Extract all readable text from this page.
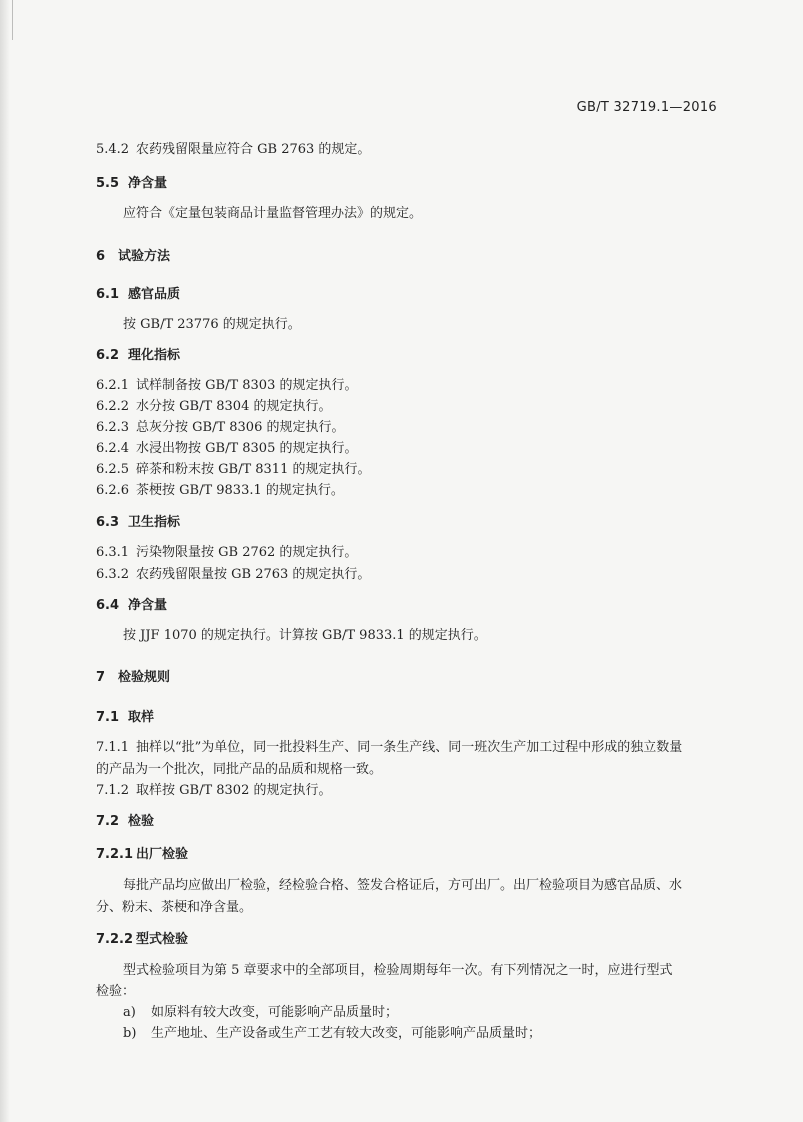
GB/T 32719.1—2016
5.4.2 农药残留限量应符合 GB 2763 的规定。
5.5 净含量
应符合《定量包装商品计量监督管理办法》的规定。
6 试验方法
6.1 感官品质
按 GB/T 23776 的规定执行。
6.2 理化指标
6.2.1 试样制备按 GB/T 8303 的规定执行。
6.2.2 水分按 GB/T 8304 的规定执行。
6.2.3 总灰分按 GB/T 8306 的规定执行。
6.2.4 水浸出物按 GB/T 8305 的规定执行。
6.2.5 碎茶和粉末按 GB/T 8311 的规定执行。
6.2.6 茶梗按 GB/T 9833.1 的规定执行。
6.3 卫生指标
6.3.1 污染物限量按 GB 2762 的规定执行。
6.3.2 农药残留限量按 GB 2763 的规定执行。
6.4 净含量
按 JJF 1070 的规定执行。计算按 GB/T 9833.1 的规定执行。
7 检验规则
7.1 取样
7.1.1 抽样以“批”为单位，同一批投料生产、同一条生产线、同一班次生产加工过程中形成的独立数量
的产品为一个批次，同批产品的品质和规格一致。
7.1.2 取样按 GB/T 8302 的规定执行。
7.2 检验
7.2.1 出厂检验
每批产品均应做出厂检验，经检验合格、签发合格证后，方可出厂。出厂检验项目为感官品质、水
分、粉末、茶梗和净含量。
7.2.2 型式检验
型式检验项目为第 5 章要求中的全部项目，检验周期每年一次。有下列情况之一时，应进行型式
检验：
a) 如原料有较大改变，可能影响产品质量时；
b) 生产地址、生产设备或生产工艺有较大改变，可能影响产品质量时；
